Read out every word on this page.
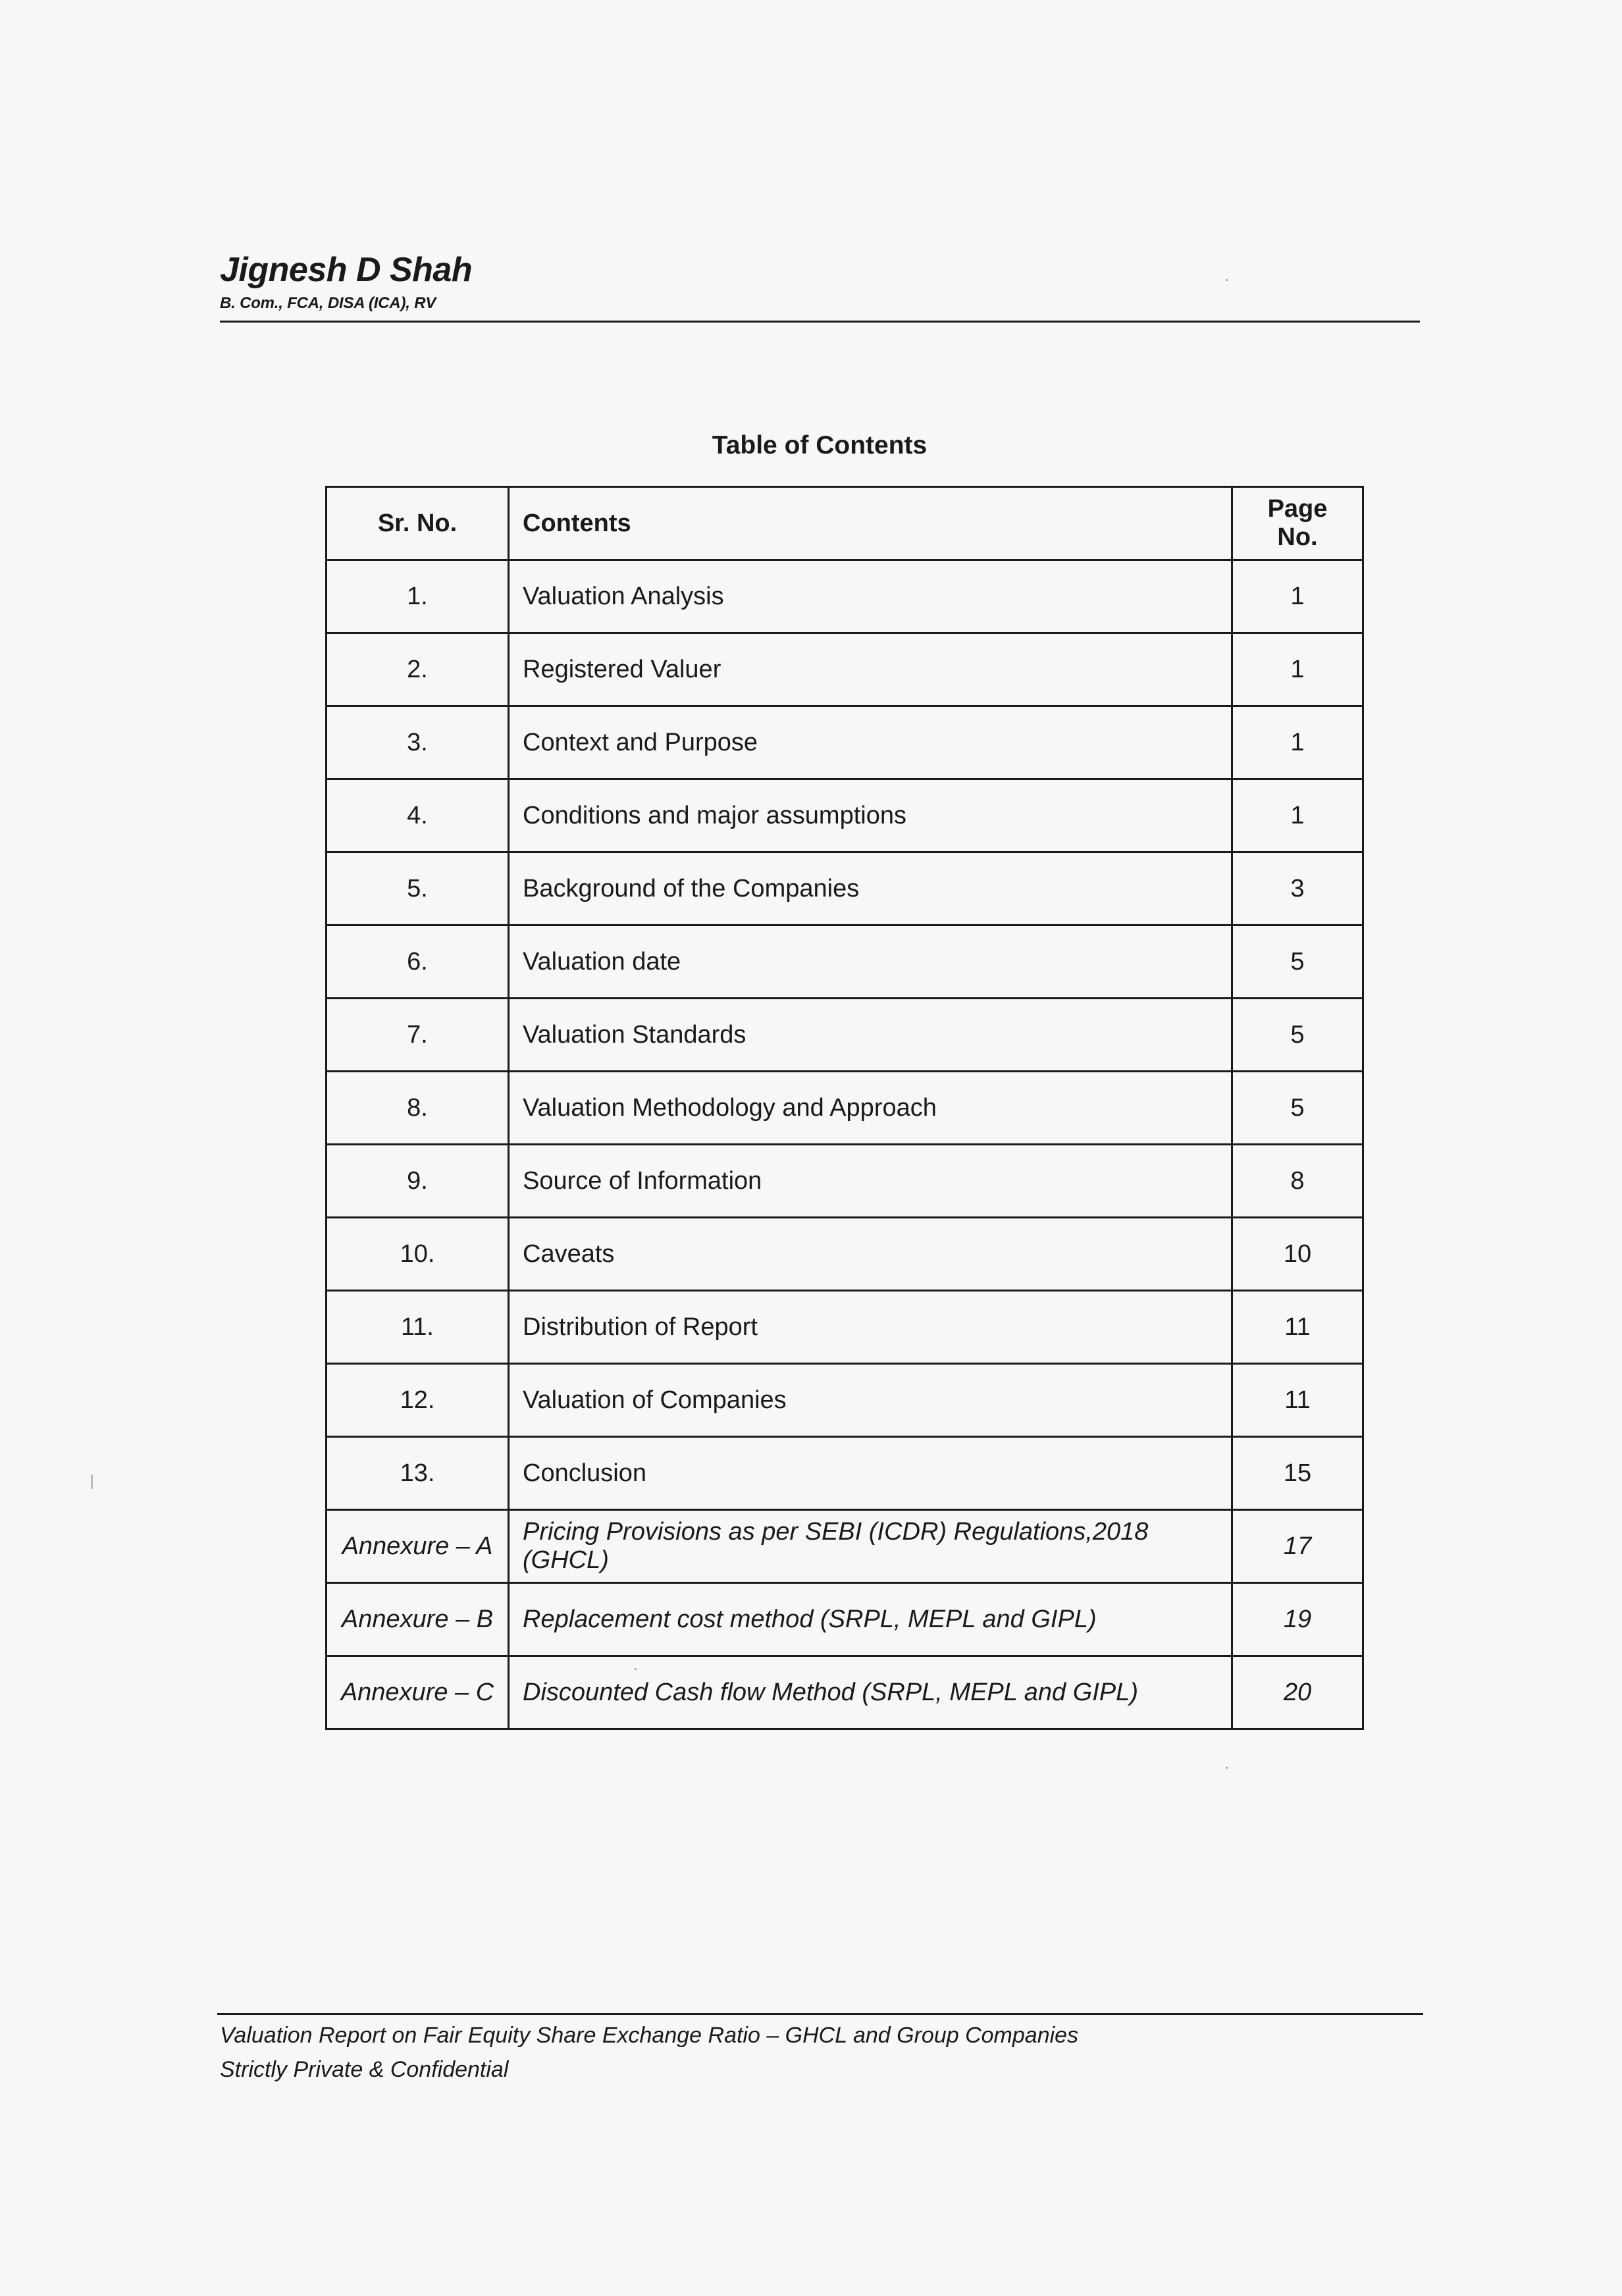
Jignesh D Shah
B. Com., FCA, DISA (ICA), RV
Table of Contents
Sr. No.	Contents	Page No.
1.	Valuation Analysis	1
2.	Registered Valuer	1
3.	Context and Purpose	1
4.	Conditions and major assumptions	1
5.	Background of the Companies	3
6.	Valuation date	5
7.	Valuation Standards	5
8.	Valuation Methodology and Approach	5
9.	Source of Information	8
10.	Caveats	10
11.	Distribution of Report	11
12.	Valuation of Companies	11
13.	Conclusion	15
Annexure – A	Pricing Provisions as per SEBI (ICDR) Regulations,2018 (GHCL)	17
Annexure – B	Replacement cost method (SRPL, MEPL and GIPL)	19
Annexure – C	Discounted Cash flow Method (SRPL, MEPL and GIPL)	20
Valuation Report on Fair Equity Share Exchange Ratio – GHCL and Group Companies
Strictly Private & Confidential
